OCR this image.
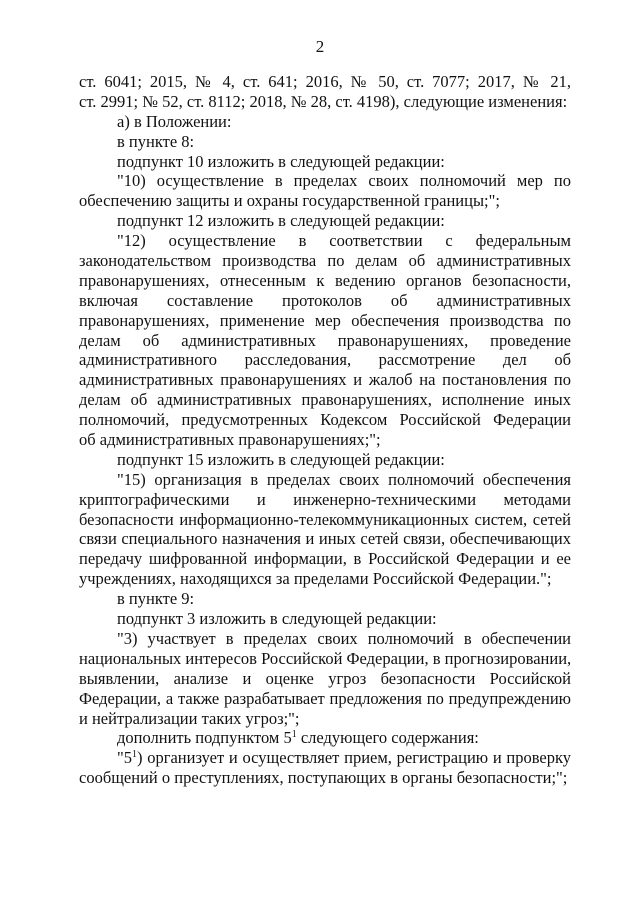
2
ст. 6041; 2015, № 4, ст. 641; 2016, № 50, ст. 7077; 2017, № 21,
ст. 2991; № 52, ст. 8112; 2018, № 28, ст. 4198), следующие изменения:
а) в Положении:
в пункте 8:
подпункт 10 изложить в следующей редакции:
"10) осуществление в пределах своих полномочий мер по
обеспечению защиты и охраны государственной границы;";
подпункт 12 изложить в следующей редакции:
"12) осуществление в соответствии с федеральным
законодательством производства по делам об административных
правонарушениях, отнесенным к ведению органов безопасности,
включая составление протоколов об административных
правонарушениях, применение мер обеспечения производства по
делам об административных правонарушениях, проведение
административного расследования, рассмотрение дел об
административных правонарушениях и жалоб на постановления по
делам об административных правонарушениях, исполнение иных
полномочий, предусмотренных Кодексом Российской Федерации
об административных правонарушениях;";
подпункт 15 изложить в следующей редакции:
"15) организация в пределах своих полномочий обеспечения
криптографическими и инженерно-техническими методами
безопасности информационно-телекоммуникационных систем, сетей
связи специального назначения и иных сетей связи, обеспечивающих
передачу шифрованной информации, в Российской Федерации и ее
учреждениях, находящихся за пределами Российской Федерации.";
в пункте 9:
подпункт 3 изложить в следующей редакции:
"3) участвует в пределах своих полномочий в обеспечении
национальных интересов Российской Федерации, в прогнозировании,
выявлении, анализе и оценке угроз безопасности Российской
Федерации, а также разрабатывает предложения по предупреждению
и нейтрализации таких угроз;";
дополнить подпунктом $5^1$ следующего содержания:
"$5^1$) организует и осуществляет прием, регистрацию и проверку
сообщений о преступлениях, поступающих в органы безопасности;";
